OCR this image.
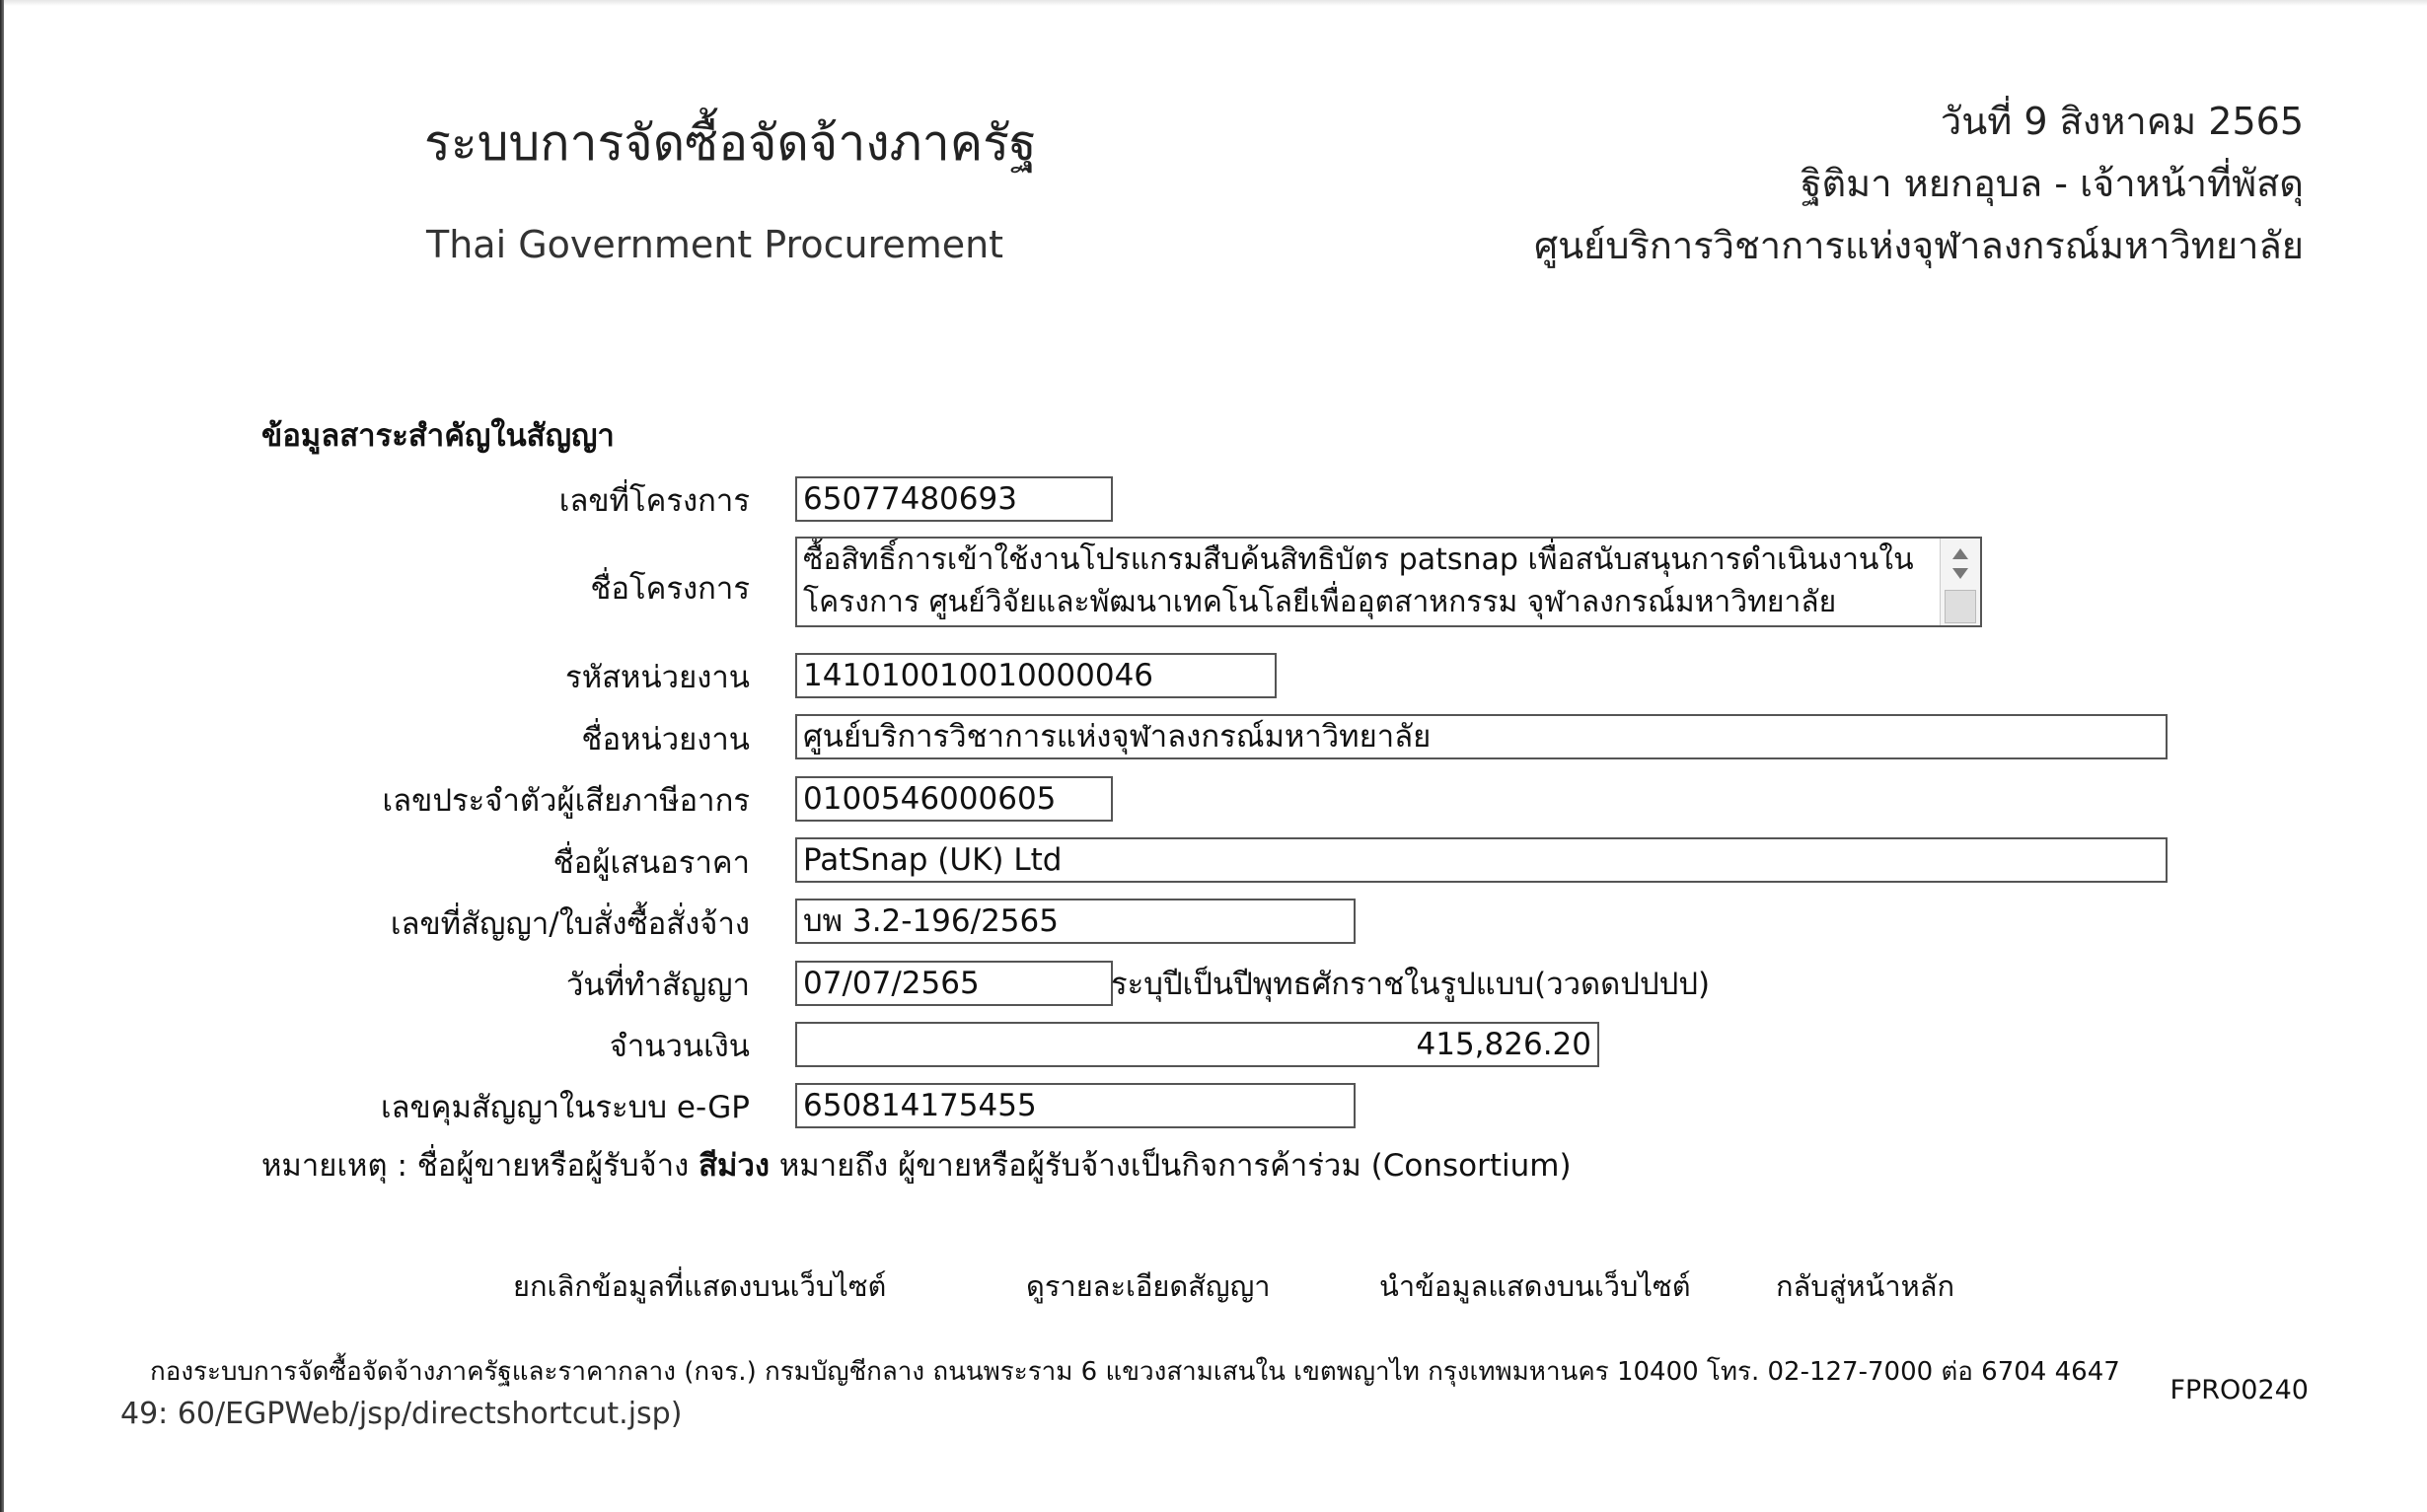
ระบบการจัดซื้อจัดจ้างภาครัฐ
Thai Government Procurement
วันที่ 9 สิงหาคม 2565
ฐิติมา หยกอุบล - เจ้าหน้าที่พัสดุ
ศูนย์บริการวิชาการแห่งจุฬาลงกรณ์มหาวิทยาลัย
ข้อมูลสาระสำคัญในสัญญา
เลขที่โครงการ 65077480693
ชื่อโครงการ
ซื้อสิทธิ์การเข้าใช้งานโปรแกรมสืบค้นสิทธิบัตร patsnap เพื่อสนับสนุนการดำเนินงานใน โครงการ ศูนย์วิจัยและพัฒนาเทคโนโลยีเพื่ออุตสาหกรรม จุฬาลงกรณ์มหาวิทยาลัย
รหัสหน่วยงาน 141010010010000046
ชื่อหน่วยงาน ศูนย์บริการวิชาการแห่งจุฬาลงกรณ์มหาวิทยาลัย
เลขประจำตัวผู้เสียภาษีอากร 0100546000605
ชื่อผู้เสนอราคา PatSnap (UK) Ltd
เลขที่สัญญา/ใบสั่งซื้อสั่งจ้าง บพ 3.2-196/2565
วันที่ทำสัญญา 07/07/2565	ระบุปีเป็นปีพุทธศักราชในรูปแบบ(ววดดปปปป)
จำนวนเงิน	415,826.20
เลขคุมสัญญาในระบบ e-GP 650814175455
หมายเหตุ : ชื่อผู้ขายหรือผู้รับจ้าง สีม่วง หมายถึง ผู้ขายหรือผู้รับจ้างเป็นกิจการค้าร่วม (Consortium)
ยกเลิกข้อมูลที่แสดงบนเว็บไซต์	ดูรายละเอียดสัญญา	นำข้อมูลแสดงบนเว็บไซต์	กลับสู่หน้าหลัก
กองระบบการจัดซื้อจัดจ้างภาครัฐและราคากลาง (กจร.) กรมบัญชีกลาง ถนนพระราม 6 แขวงสามเสนใน เขตพญาไท กรุงเทพมหานคร 10400 โทร. 02-127-7000 ต่อ 6704 4647
FPRO0240
49: 60/EGPWeb/jsp/directshortcut.jsp)
